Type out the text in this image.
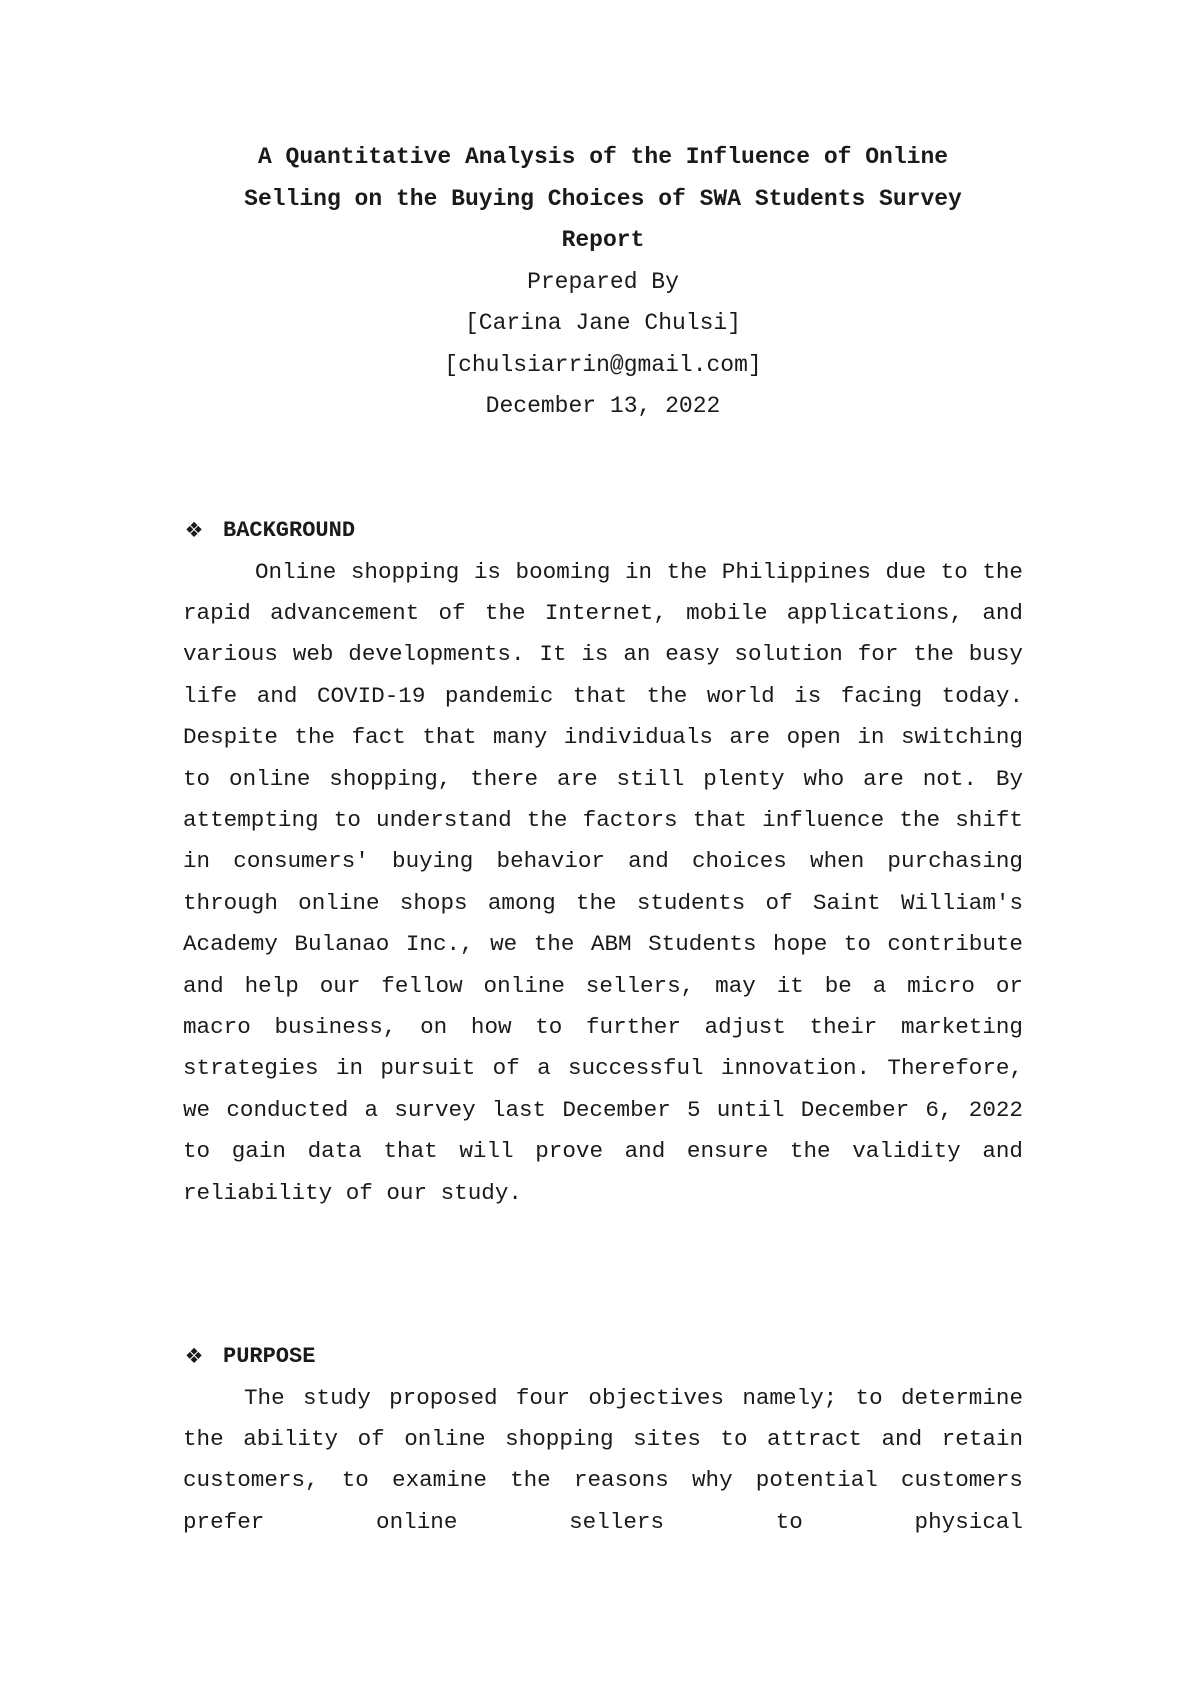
A Quantitative Analysis of the Influence of Online Selling on the Buying Choices of SWA Students Survey Report
Prepared By
[Carina Jane Chulsi]
[chulsiarrin@gmail.com]
December 13, 2022
❖ BACKGROUND

Online shopping is booming in the Philippines due to the rapid advancement of the Internet, mobile applications, and various web developments. It is an easy solution for the busy life and COVID-19 pandemic that the world is facing today. Despite the fact that many individuals are open in switching to online shopping, there are still plenty who are not. By attempting to understand the factors that influence the shift in consumers' buying behavior and choices when purchasing through online shops among the students of Saint William's Academy Bulanao Inc., we the ABM Students hope to contribute and help our fellow online sellers, may it be a micro or macro business, on how to further adjust their marketing strategies in pursuit of a successful innovation. Therefore, we conducted a survey last December 5 until December 6, 2022 to gain data that will prove and ensure the validity and reliability of our study.

❖ PURPOSE

The study proposed four objectives namely; to determine the ability of online shopping sites to attract and retain customers, to examine the reasons why potential customers prefer online sellers to physical
